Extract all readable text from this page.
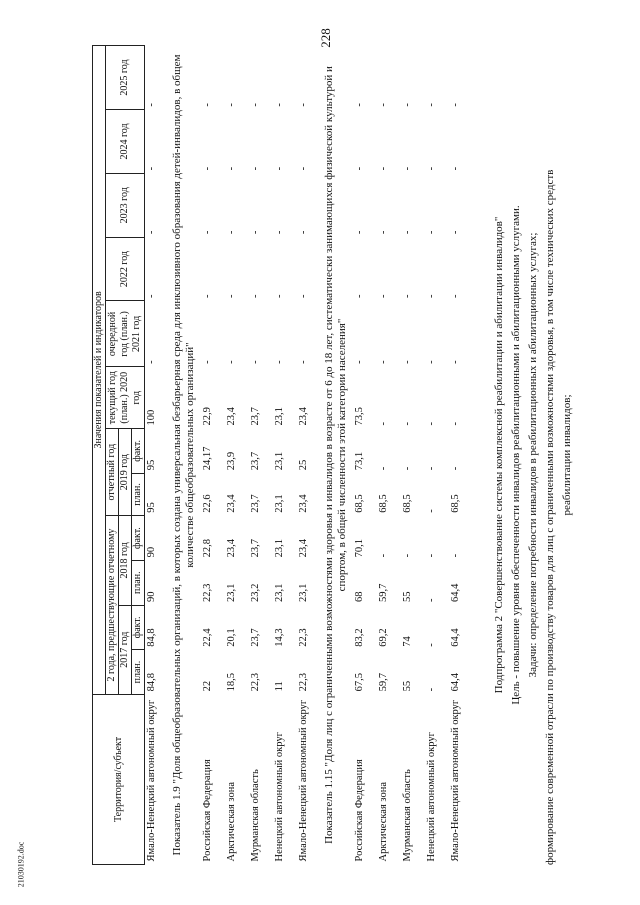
228
21030192.doc
Территория/субъект	Значения показателей и индикаторов											
	2 года, предшествующие отчетному				отчетный год		текущий год (план.) 2020 год	очередной год (план.) 2021 год	2022 год	2023 год	2024 год	2025 год
	2017 год		2018 год		2019 год							
	план.	факт.	план.	факт.	план.	факт.						
Ямало-Ненецкий автономный округ	84,8	84,8	90	90	95	95	100	-	-	-	-	-
Показатель 1.9 "Доля общеобразовательных организаций, в которых создана универсальная безбарьерная среда для инклюзивного образования детей-инвалидов, в общем количестве общеобразовательных организаций"												
Российская Федерация	22	22,4	22,3	22,8	22,6	24,17	22,9	-	-	-	-	-
Арктическая зона	18,5	20,1	23,1	23,4	23,4	23,9	23,4	-	-	-	-	-
Мурманская область	22,3	23,7	23,2	23,7	23,7	23,7	23,7	-	-	-	-	-
Ненецкий автономный округ	11	14,3	23,1	23,1	23,1	23,1	23,1	-	-	-	-	-
Ямало-Ненецкий автономный округ	22,3	22,3	23,1	23,4	23,4	25	23,4	-	-	-	-	-
Показатель 1.15 "Доля лиц с ограниченными возможностями здоровья и инвалидов в возрасте от 6 до 18 лет, систематически занимающихся физической культурой и спортом, в общей численности этой категории населения"												
Российская Федерация	67,5	83,2	68	70,1	68,5	73,1	73,5	-	-	-	-	-
Арктическая зона	59,7	69,2	59,7	-	68,5	-	-	-	-	-	-	-
Мурманская область	55	74	55	-	68,5	-	-	-	-	-	-	-
Ненецкий автономный округ	-	-	-	-	-	-	-	-	-	-	-	-
Ямало-Ненецкий автономный округ	64,4	64,4	64,4	-	68,5	-	-	-	-	-	-	-
Подпрограмма 2 "Совершенствование системы комплексной реабилитации и абилитации инвалидов" Цель - повышение уровня обеспеченности инвалидов реабилитационными и абилитационными услугами. Задачи: определение потребности инвалидов в реабилитационных и абилитационных услугах; формирование современной отрасли по производству товаров для лиц с ограниченными возможностями здоровья, в том числе технических средств реабилитации инвалидов;
